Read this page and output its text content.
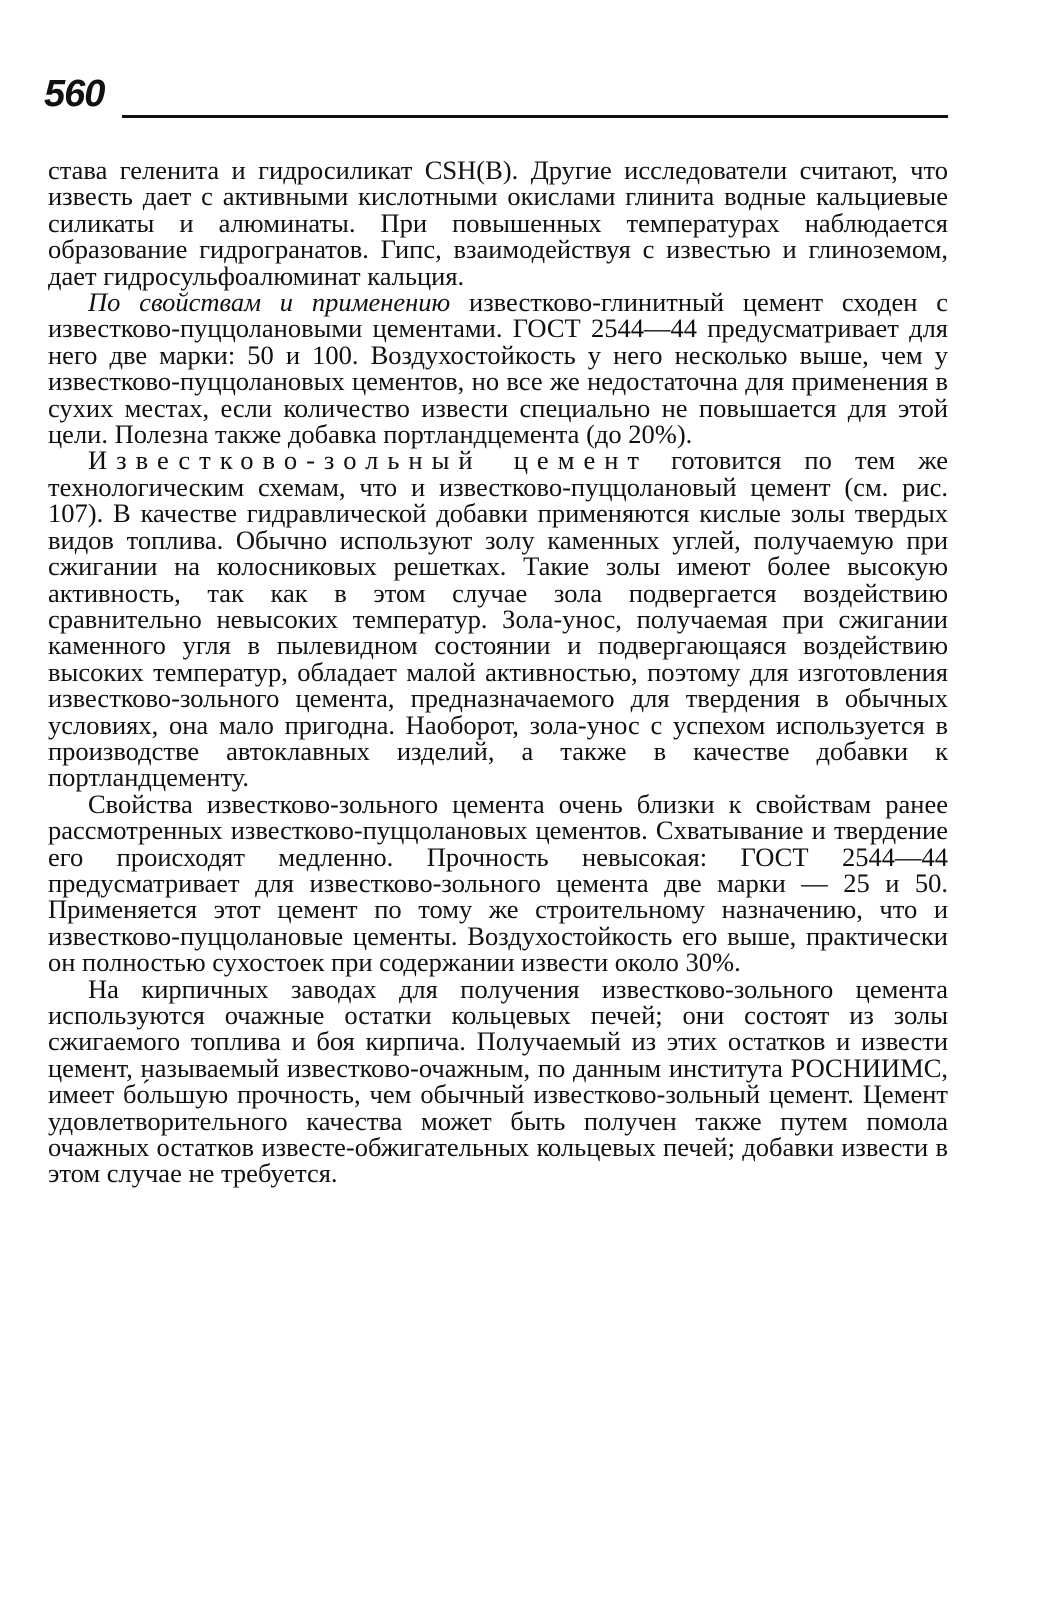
560

става геленита и гидросиликат CSH(B). Другие исследователи считают, что известь дает с активными кислотными окислами глинита водные кальциевые силикаты и алюминаты. При повышенных температурах наблюдается образование гидрогранатов. Гипс, взаимодействуя с известью и глиноземом, дает гидросульфоалюминат кальция.

По свойствам и применению известково-глинитный цемент сходен с известково-пуццолановыми цементами. ГОСТ 2544—44 предусматривает для него две марки: 50 и 100. Воздухостойкость у него несколько выше, чем у известково-пуццолановых цементов, но все же недостаточна для применения в сухих местах, если количество извести специально не повышается для этой цели. Полезна также добавка портландцемента (до 20%).

Известково-зольный цемент готовится по тем же технологическим схемам, что и известково-пуццолановый цемент (см. рис. 107). В качестве гидравлической добавки применяются кислые золы твердых видов топлива. Обычно используют золу каменных углей, получаемую при сжигании на колосниковых решетках. Такие золы имеют более высокую активность, так как в этом случае зола подвергается воздействию сравнительно невысоких температур. Зола-унос, получаемая при сжигании каменного угля в пылевидном состоянии и подвергающаяся воздействию высоких температур, обладает малой активностью, поэтому для изготовления известково-зольного цемента, предназначаемого для твердения в обычных условиях, она мало пригодна. Наоборот, зола-унос с успехом используется в производстве автоклавных изделий, а также в качестве добавки к портландцементу.

Свойства известково-зольного цемента очень близки к свойствам ранее рассмотренных известково-пуццолановых цементов. Схватывание и твердение его происходят медленно. Прочность невысокая: ГОСТ 2544—44 предусматривает для известково-зольного цемента две марки — 25 и 50. Применяется этот цемент по тому же строительному назначению, что и известково-пуццолановые цементы. Воздухостойкость его выше, практически он полностью сухостоек при содержании извести около 30%.

На кирпичных заводах для получения известково-зольного цемента используются очажные остатки кольцевых печей; они состоят из золы сжигаемого топлива и боя кирпича. Получаемый из этих остатков и извести цемент, называемый известково-очажным, по данным института РОСНИИМС, имеет бо́льшую прочность, чем обычный известково-зольный цемент. Цемент удовлетворительного качества может быть получен также путем помола очажных остатков известе-обжигательных кольцевых печей; добавки извести в этом случае не требуется.
